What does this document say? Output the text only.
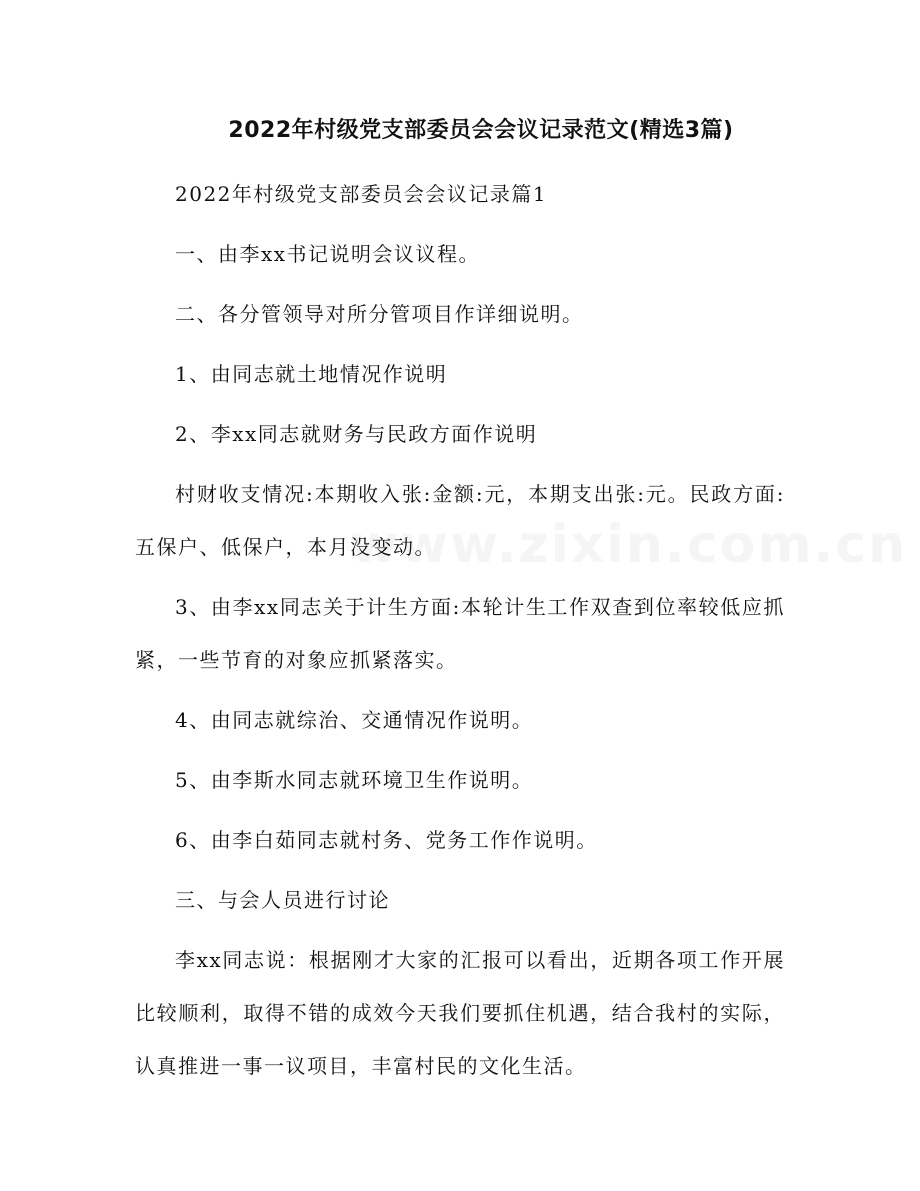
www.zixin.com.cn
2022年村级党支部委员会会议记录范文(精选3篇)

2022年村级党支部委员会会议记录篇1

一、由李xx书记说明会议议程。

二、各分管领导对所分管项目作详细说明。

1、由同志就土地情况作说明

2、李xx同志就财务与民政方面作说明

村财收支情况:本期收入张:金额:元，本期支出张:元。民政方面:五保户、低保户，本月没变动。

3、由李xx同志关于计生方面:本轮计生工作双查到位率较低应抓紧，一些节育的对象应抓紧落实。

4、由同志就综治、交通情况作说明。

5、由李斯水同志就环境卫生作说明。

6、由李白茹同志就村务、党务工作作说明。

三、与会人员进行讨论

李xx同志说：根据刚才大家的汇报可以看出，近期各项工作开展比较顺利，取得不错的成效今天我们要抓住机遇，结合我村的实际，认真推进一事一议项目，丰富村民的文化生活。
